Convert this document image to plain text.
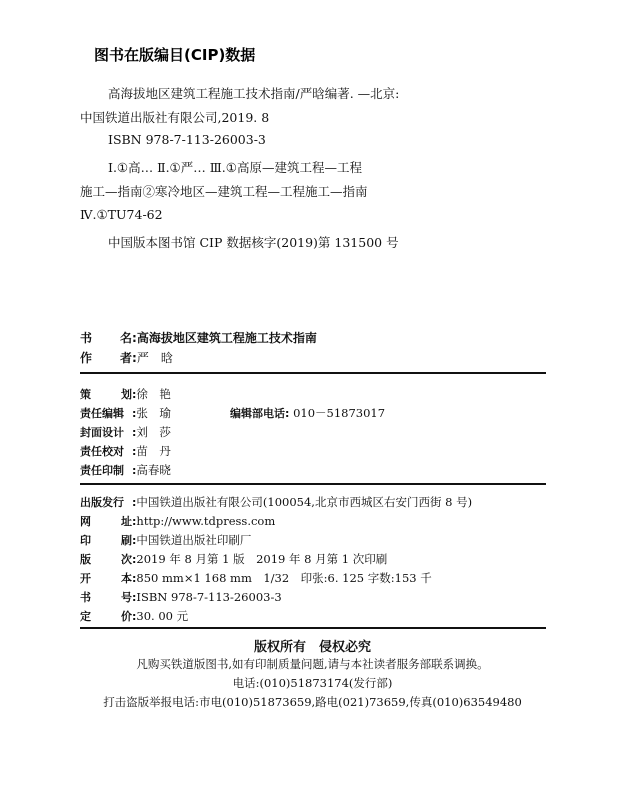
图书在版编目(CIP)数据
高海拔地区建筑工程施工技术指南/严晗编著. —北京:
中国铁道出版社有限公司,2019. 8
ISBN 978-7-113-26003-3
Ⅰ.①高… Ⅱ.①严… Ⅲ.①高原—建筑工程—工程
施工—指南②寒冷地区—建筑工程—工程施工—指南
Ⅳ.①TU74-62
中国版本图书馆 CIP 数据核字(2019)第 131500 号
书 名 : 高海拔地区建筑工程施工技术指南
作 者 : 严　晗
策	划 : 徐　艳
责任编辑 : 张　瑜	编辑部电话: 010－51873017
封面设计 : 刘　莎
责任校对 : 苗　丹
责任印制 : 高春晓
出版发行 : 中国铁道出版社有限公司(100054,北京市西城区右安门西街 8 号)
网	址 : http://www.tdpress.com
印	刷 : 中国铁道出版社印刷厂
版	次 : 2019 年 8 月第 1 版　2019 年 8 月第 1 次印刷
开	本 : 850 mm×1 168 mm　1/32　印张:6. 125 字数:153 千
书	号 : ISBN 978-7-113-26003-3
定	价 : 30. 00 元
版权所有　侵权必究
凡购买铁道版图书,如有印制质量问题,请与本社读者服务部联系调换。
电话:(010)51873174(发行部)
打击盗版举报电话:市电(010)51873659,路电(021)73659,传真(010)63549480
